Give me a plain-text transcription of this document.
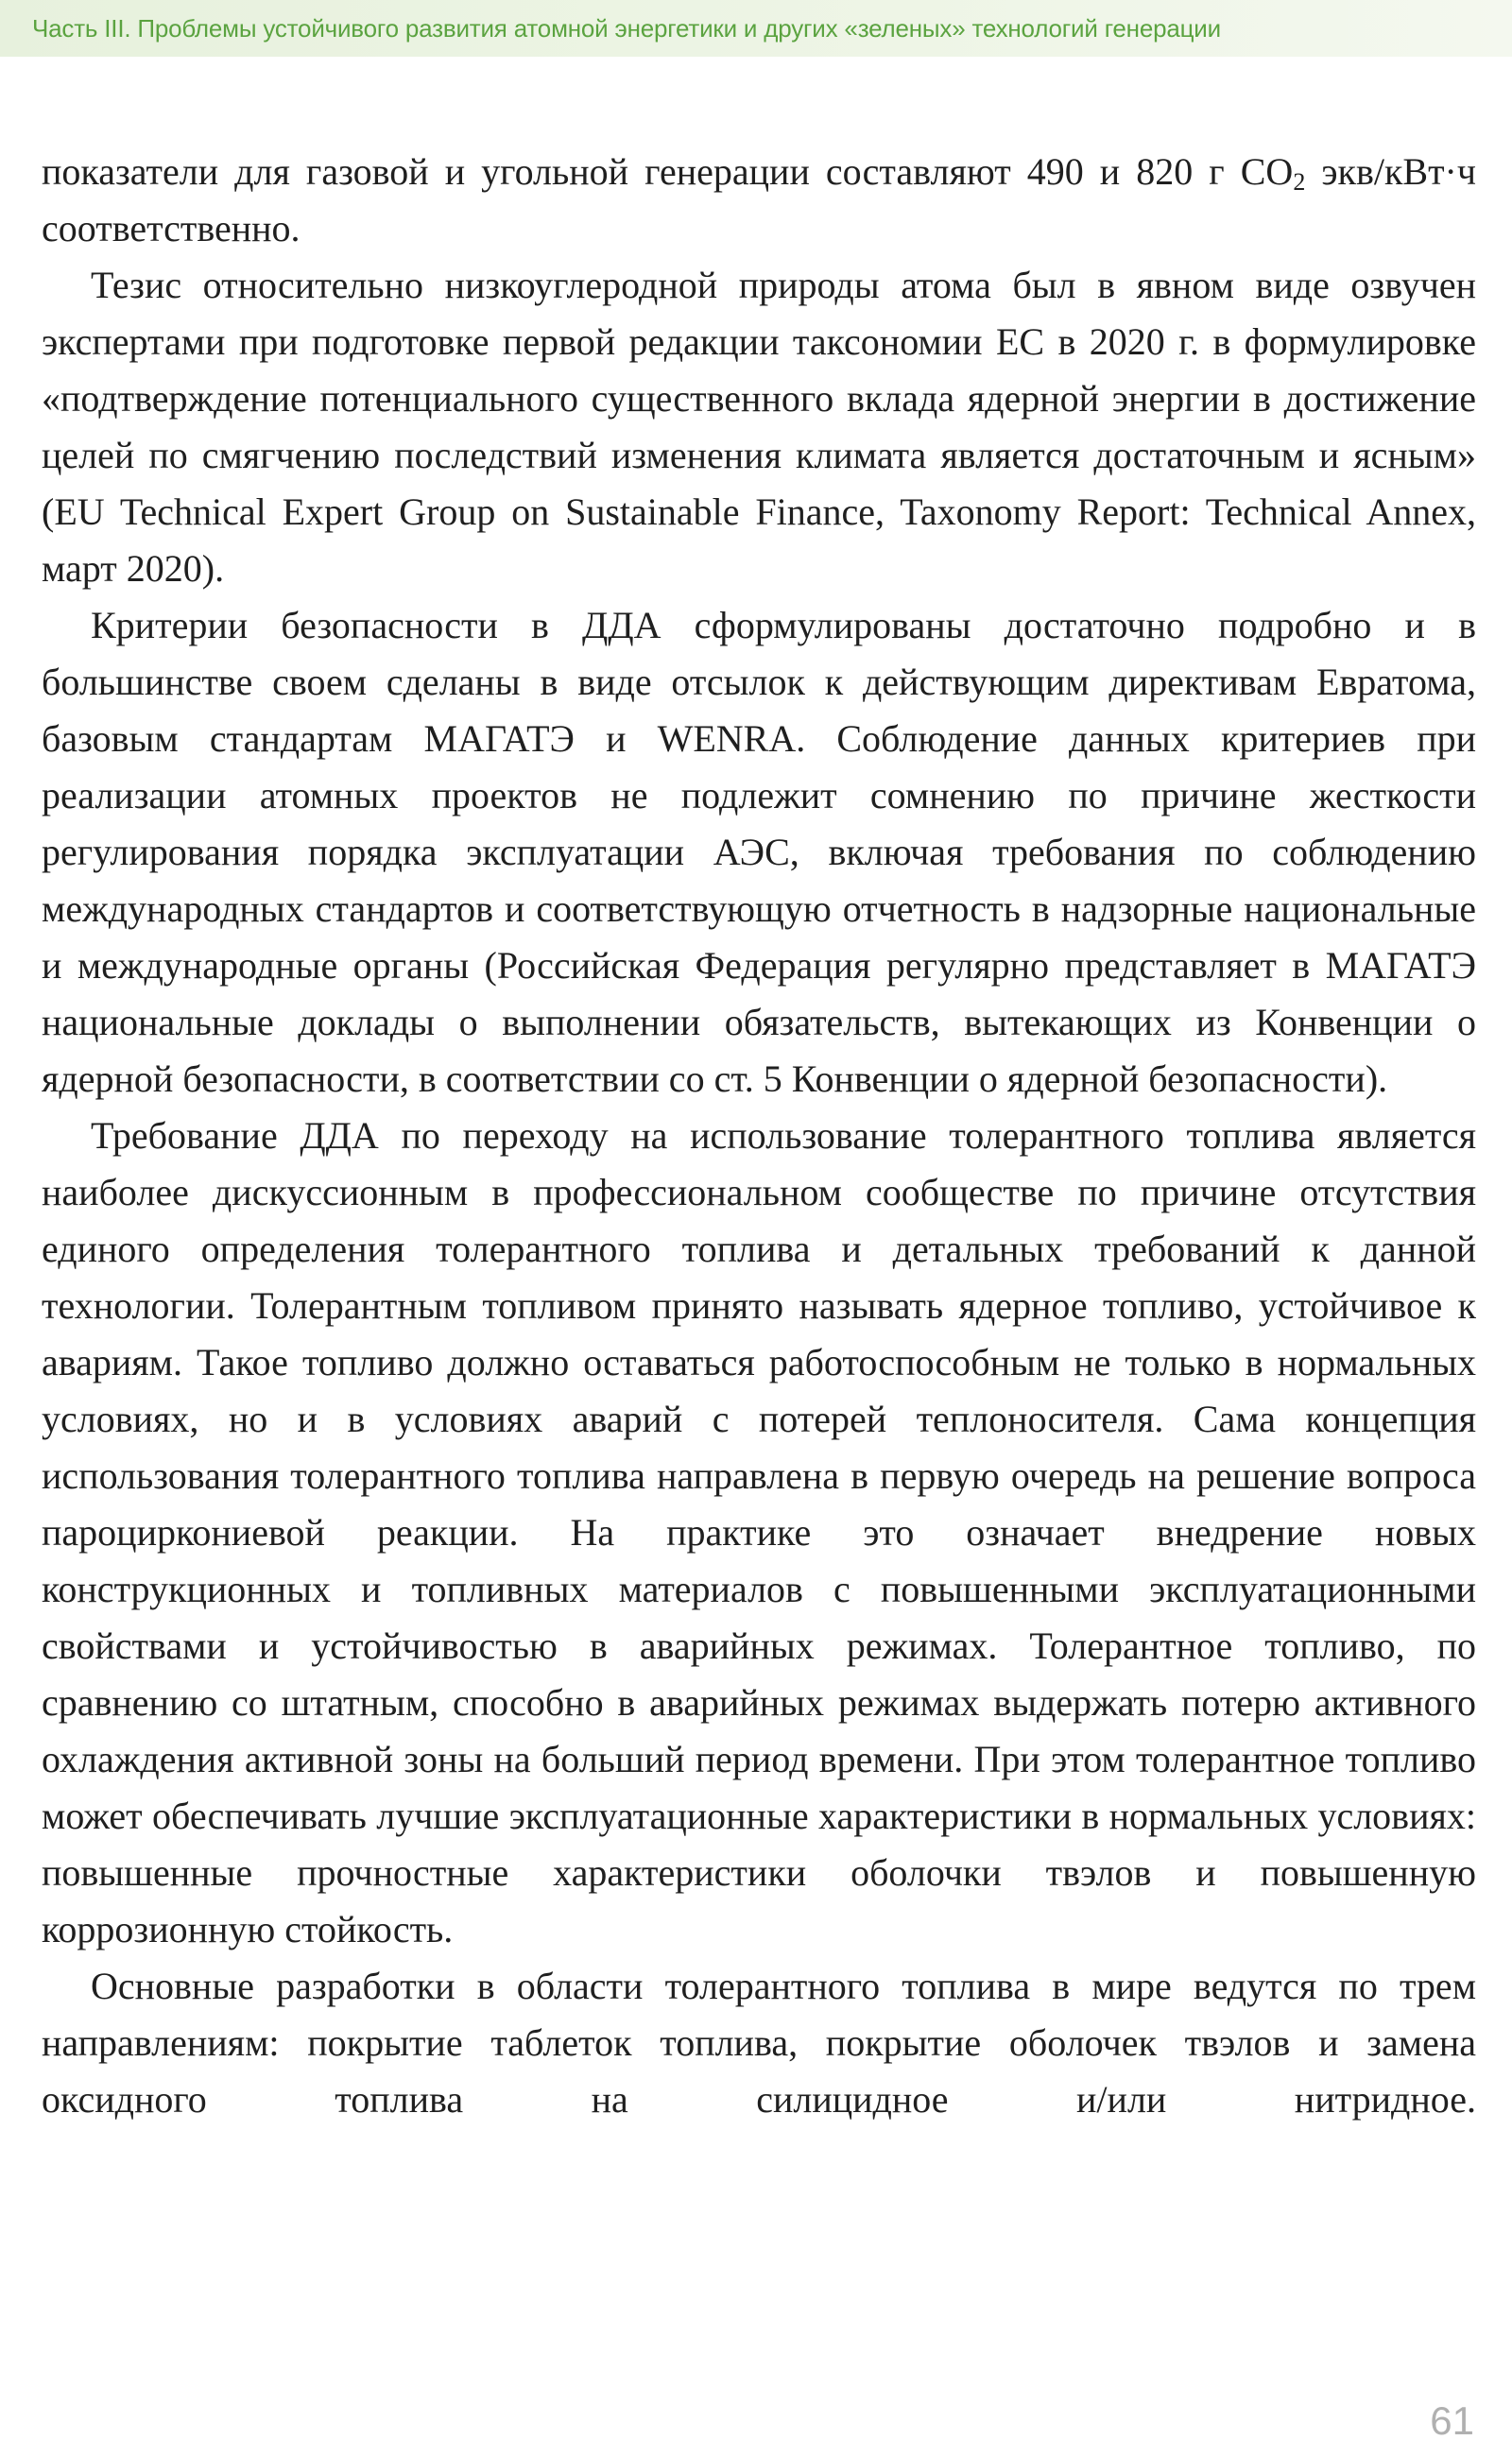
Часть III. Проблемы устойчивого развития атомной энергетики и других «зеленых» технологий генерации

показатели для газовой и угольной генерации составляют 490 и 820 г $СО_2$ экв/кВт·ч соответственно.

Тезис относительно низкоуглеродной природы атома был в явном виде озвучен экспертами при подготовке первой редакции таксономии ЕС в 2020 г. в формулировке «подтверждение потенциального существенного вклада ядерной энергии в достижение целей по смягчению последствий изменения климата является достаточным и ясным» (EU Technical Expert Group on Sustainable Finance, Taxonomy Report: Technical Annex, март 2020).

Критерии безопасности в ДДА сформулированы достаточно подробно и в большинстве своем сделаны в виде отсылок к действующим директивам Евратома, базовым стандартам МАГАТЭ и WENRA. Соблюдение данных критериев при реализации атомных проектов не подлежит сомнению по причине жесткости регулирования порядка эксплуатации АЭС, включая требования по соблюдению международных стандартов и соответствующую отчетность в надзорные национальные и международные органы (Российская Федерация регулярно представляет в МАГАТЭ национальные доклады о выполнении обязательств, вытекающих из Конвенции о ядерной безопасности, в соответствии со ст. 5 Конвенции о ядерной безопасности).

Требование ДДА по переходу на использование толерантного топлива является наиболее дискуссионным в профессиональном сообществе по причине отсутствия единого определения толерантного топлива и детальных требований к данной технологии. Толерантным топливом принято называть ядерное топливо, устойчивое к авариям. Такое топливо должно оставаться работоспособным не только в нормальных условиях, но и в условиях аварий с потерей теплоносителя. Сама концепция использования толерантного топлива направлена в первую очередь на решение вопроса пароциркониевой реакции. На практике это означает внедрение новых конструкционных и топливных материалов с повышенными эксплуатационными свойствами и устойчивостью в аварийных режимах. Толерантное топливо, по сравнению со штатным, способно в аварийных режимах выдержать потерю активного охлаждения активной зоны на больший период времени. При этом толерантное топливо может обеспечивать лучшие эксплуатационные характеристики в нормальных условиях: повышенные прочностные характеристики оболочки твэлов и повышенную коррозионную стойкость.

Основные разработки в области толерантного топлива в мире ведутся по трем направлениям: покрытие таблеток топлива, покрытие оболочек твэлов и замена оксидного топлива на силицидное и/или нитридное.

61
